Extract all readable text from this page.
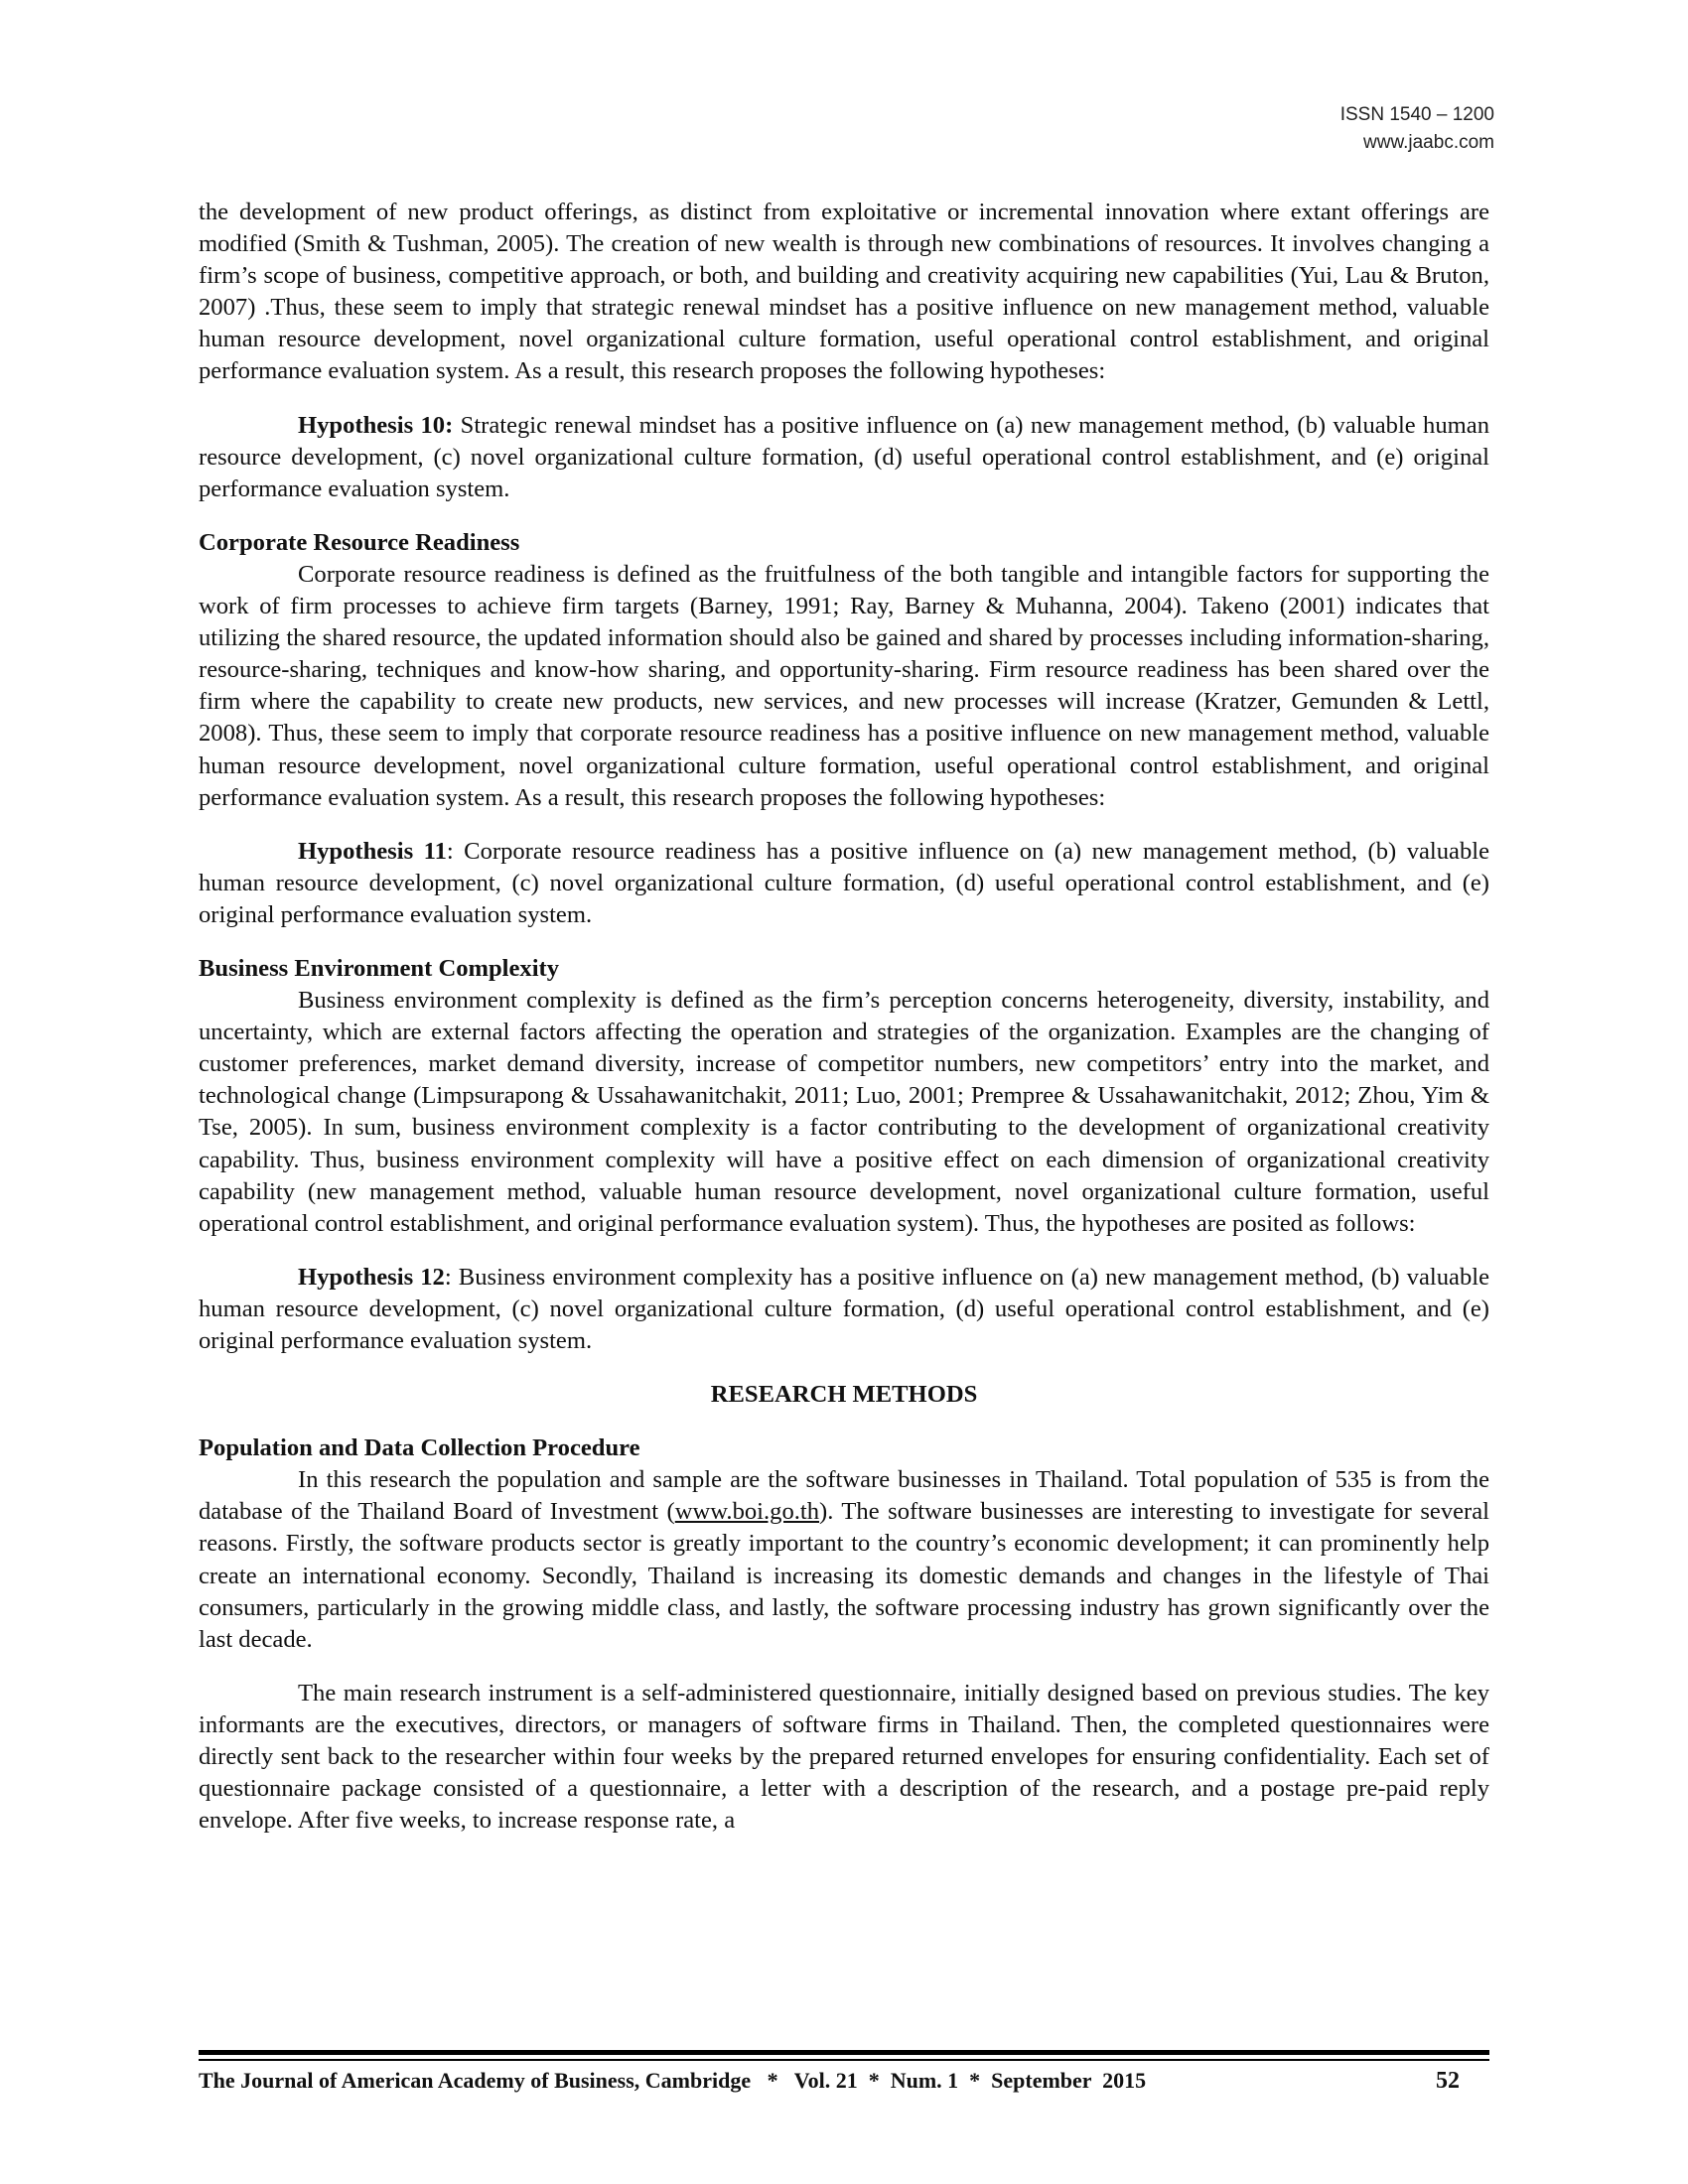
ISSN 1540 – 1200
www.jaabc.com

the development of new product offerings, as distinct from exploitative or incremental innovation where extant offerings are modified (Smith & Tushman, 2005). The creation of new wealth is through new combinations of resources. It involves changing a firm’s scope of business, competitive approach, or both, and building and creativity acquiring new capabilities (Yui, Lau & Bruton, 2007) .Thus, these seem to imply that strategic renewal mindset has a positive influence on new management method, valuable human resource development, novel organizational culture formation, useful operational control establishment, and original performance evaluation system. As a result, this research proposes the following hypotheses:

Hypothesis 10: Strategic renewal mindset has a positive influence on (a) new management method, (b) valuable human resource development, (c) novel organizational culture formation, (d) useful operational control establishment, and (e) original performance evaluation system.

Corporate Resource Readiness

Corporate resource readiness is defined as the fruitfulness of the both tangible and intangible factors for supporting the work of firm processes to achieve firm targets (Barney, 1991; Ray, Barney & Muhanna, 2004). Takeno (2001) indicates that utilizing the shared resource, the updated information should also be gained and shared by processes including information-sharing, resource-sharing, techniques and know-how sharing, and opportunity-sharing. Firm resource readiness has been shared over the firm where the capability to create new products, new services, and new processes will increase (Kratzer, Gemunden & Lettl, 2008). Thus, these seem to imply that corporate resource readiness has a positive influence on new management method, valuable human resource development, novel organizational culture formation, useful operational control establishment, and original performance evaluation system. As a result, this research proposes the following hypotheses:

Hypothesis 11: Corporate resource readiness has a positive influence on (a) new management method, (b) valuable human resource development, (c) novel organizational culture formation, (d) useful operational control establishment, and (e) original performance evaluation system.

Business Environment Complexity

Business environment complexity is defined as the firm’s perception concerns heterogeneity, diversity, instability, and uncertainty, which are external factors affecting the operation and strategies of the organization. Examples are the changing of customer preferences, market demand diversity, increase of competitor numbers, new competitors’ entry into the market, and technological change (Limpsurapong & Ussahawanitchakit, 2011; Luo, 2001; Prempree & Ussahawanitchakit, 2012; Zhou, Yim & Tse, 2005). In sum, business environment complexity is a factor contributing to the development of organizational creativity capability. Thus, business environment complexity will have a positive effect on each dimension of organizational creativity capability (new management method, valuable human resource development, novel organizational culture formation, useful operational control establishment, and original performance evaluation system). Thus, the hypotheses are posited as follows:

Hypothesis 12: Business environment complexity has a positive influence on (a) new management method, (b) valuable human resource development, (c) novel organizational culture formation, (d) useful operational control establishment, and (e) original performance evaluation system.

RESEARCH METHODS
Population and Data Collection Procedure

In this research the population and sample are the software businesses in Thailand. Total population of 535 is from the database of the Thailand Board of Investment (www.boi.go.th). The software businesses are interesting to investigate for several reasons. Firstly, the software products sector is greatly important to the country’s economic development; it can prominently help create an international economy. Secondly, Thailand is increasing its domestic demands and changes in the lifestyle of Thai consumers, particularly in the growing middle class, and lastly, the software processing industry has grown significantly over the last decade.

The main research instrument is a self-administered questionnaire, initially designed based on previous studies. The key informants are the executives, directors, or managers of software firms in Thailand. Then, the completed questionnaires were directly sent back to the researcher within four weeks by the prepared returned envelopes for ensuring confidentiality. Each set of questionnaire package consisted of a questionnaire, a letter with a description of the research, and a postage pre-paid reply envelope. After five weeks, to increase response rate, a

The Journal of American Academy of Business, Cambridge   *   Vol. 21  *  Num. 1  *  September  2015	52
